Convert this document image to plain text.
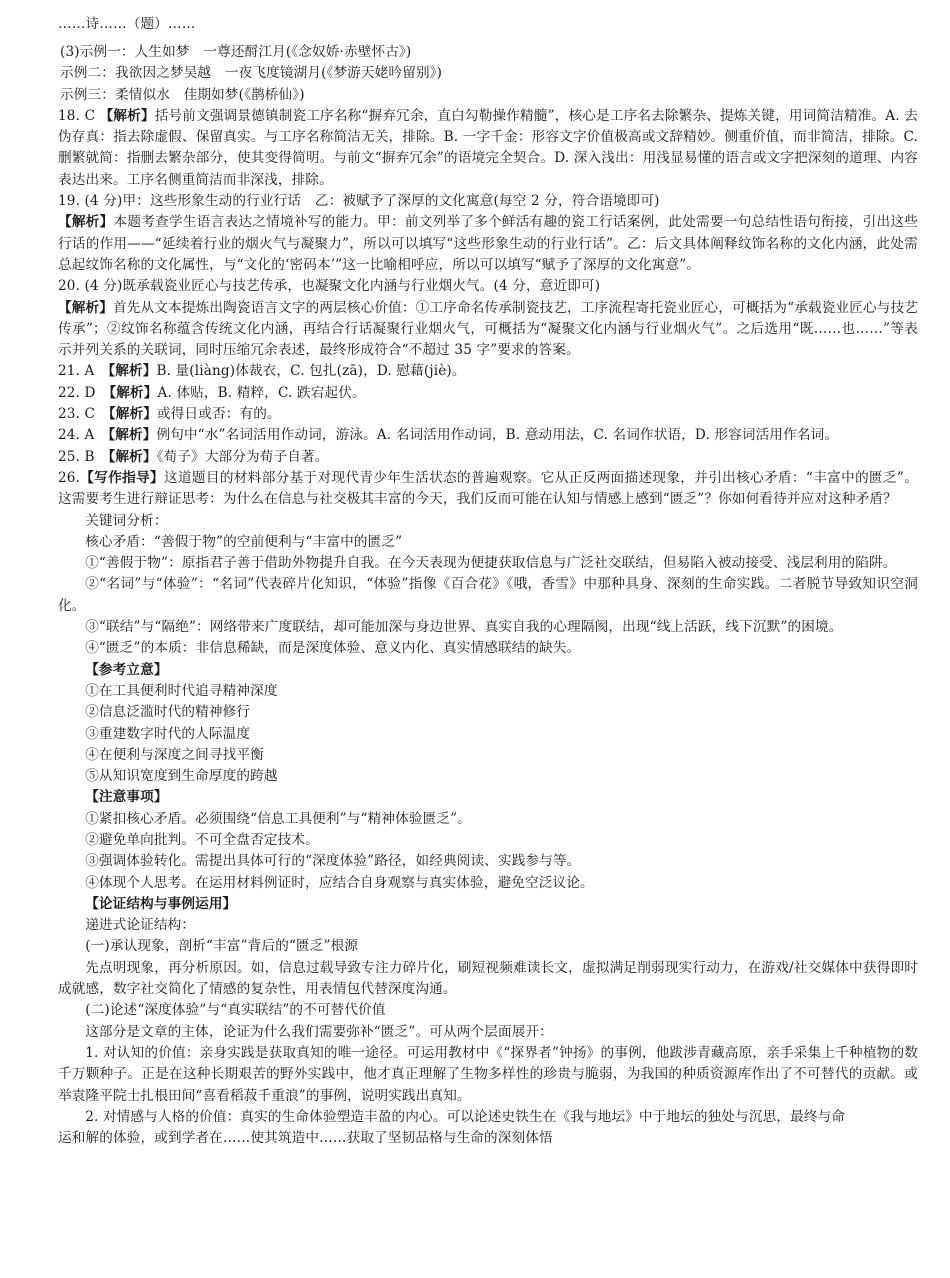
……诗……（题）……
(3)示例一：人生如梦　一尊还酹江月(《念奴娇·赤壁怀古》)
示例二：我欲因之梦吴越　一夜飞度镜湖月(《梦游天姥吟留别》)
示例三：柔情似水　佳期如梦(《鹊桥仙》)

18. C 【解析】括号前文强调景德镇制瓷工序名称“摒弃冗余，直白勾勒操作精髓”，核心是工序名去除繁杂、提炼关键，用词简洁精准。A. 去伪存真：指去除虚假、保留真实。与工序名称简洁无关，排除。B. 一字千金：形容文字价值极高或文辞精妙。侧重价值，而非简洁，排除。C. 删繁就简：指删去繁杂部分，使其变得简明。与前文“摒弃冗余”的语境完全契合。D. 深入浅出：用浅显易懂的语言或文字把深刻的道理、内容表达出来。工序名侧重简洁而非深浅，排除。

19. (4 分)甲：这些形象生动的行业行话　乙：被赋予了深厚的文化寓意(每空 2 分，符合语境即可)

【解析】本题考查学生语言表达之情境补写的能力。甲：前文列举了多个鲜活有趣的瓷工行话案例，此处需要一句总结性语句衔接，引出这些行话的作用——“延续着行业的烟火气与凝聚力”，所以可以填写“这些形象生动的行业行话”。乙：后文具体阐释纹饰名称的文化内涵，此处需总起纹饰名称的文化属性，与“文化的‘密码本’”这一比喻相呼应，所以可以填写“赋予了深厚的文化寓意”。

20. (4 分)既承载瓷业匠心与技艺传承，也凝聚文化内涵与行业烟火气。(4 分，意近即可)

【解析】首先从文本提炼出陶瓷语言文字的两层核心价值：①工序命名传承制瓷技艺，工序流程寄托瓷业匠心，可概括为“承载瓷业匠心与技艺传承”；②纹饰名称蕴含传统文化内涵，再结合行话凝聚行业烟火气，可概括为“凝聚文化内涵与行业烟火气”。之后选用“既……也……”等表示并列关系的关联词，同时压缩冗余表述，最终形成符合“不超过 35 字”要求的答案。

21. A　 【解析】B. 量(liàng)体裁衣，C. 包扎(zā)，D. 慰藉(jiè)。

22. D　 【解析】A. 体贴，B. 精粹，C. 跌宕起伏。

23. C　 【解析】或得日或否：有的。

24. A　 【解析】例句中“水”名词活用作动词，游泳。A. 名词活用作动词，B. 意动用法，C. 名词作状语，D. 形容词活用作名词。

25. B　 【解析】《荀子》大部分为荀子自著。

26.【写作指导】这道题目的材料部分基于对现代青少年生活状态的普遍观察。它从正反两面描述现象，并引出核心矛盾：“丰富中的匮乏”。这需要考生进行辩证思考：为什么在信息与社交极其丰富的今天，我们反而可能在认知与情感上感到“匮乏”？你如何看待并应对这种矛盾？

关键词分析：

核心矛盾：“善假于物”的空前便利与“丰富中的匮乏”

①“善假于物”：原指君子善于借助外物提升自我。在今天表现为便捷获取信息与广泛社交联结，但易陷入被动接受、浅层利用的陷阱。

②“名词”与“体验”：“名词”代表碎片化知识，“体验”指像《百合花》《哦，香雪》中那种具身、深刻的生命实践。二者脱节导致知识空洞化。

③“联结”与“隔绝”：网络带来广度联结，却可能加深与身边世界、真实自我的心理隔阂，出现“线上活跃，线下沉默”的困境。

④“匮乏”的本质：非信息稀缺，而是深度体验、意义内化、真实情感联结的缺失。

【参考立意】

①在工具便利时代追寻精神深度

②信息泛滥时代的精神修行

③重建数字时代的人际温度

④在便利与深度之间寻找平衡

⑤从知识宽度到生命厚度的跨越

【注意事项】

①紧扣核心矛盾。必须围绕“信息工具便利”与“精神体验匮乏”。

②避免单向批判。不可全盘否定技术。

③强调体验转化。需提出具体可行的“深度体验”路径，如经典阅读、实践参与等。

④体现个人思考。在运用材料例证时，应结合自身观察与真实体验，避免空泛议论。

【论证结构与事例运用】

递进式论证结构：

(一)承认现象，剖析“丰富”背后的“匮乏”根源

先点明现象，再分析原因。如，信息过载导致专注力碎片化，刷短视频难读长文，虚拟满足削弱现实行动力，在游戏/社交媒体中获得即时成就感，数字社交简化了情感的复杂性，用表情包代替深度沟通。

(二)论述“深度体验”与“真实联结”的不可替代价值

这部分是文章的主体，论证为什么我们需要弥补“匮乏”。可从两个层面展开：

1. 对认知的价值：亲身实践是获取真知的唯一途径。可运用教材中《“探界者”钟扬》的事例，他跋涉青藏高原，亲手采集上千种植物的数千万颗种子。正是在这种长期艰苦的野外实践中，他才真正理解了生物多样性的珍贵与脆弱，为我国的种质资源库作出了不可替代的贡献。或举袁隆平院士扎根田间“喜看稻菽千重浪”的事例，说明实践出真知。

2. 对情感与人格的价值：真实的生命体验塑造丰盈的内心。可以论述史铁生在《我与地坛》中于地坛的独处与沉思，最终与命

运和解的体验，或到学者在……使其筑造中……获取了坚韧品格与生命的深刻体悟
